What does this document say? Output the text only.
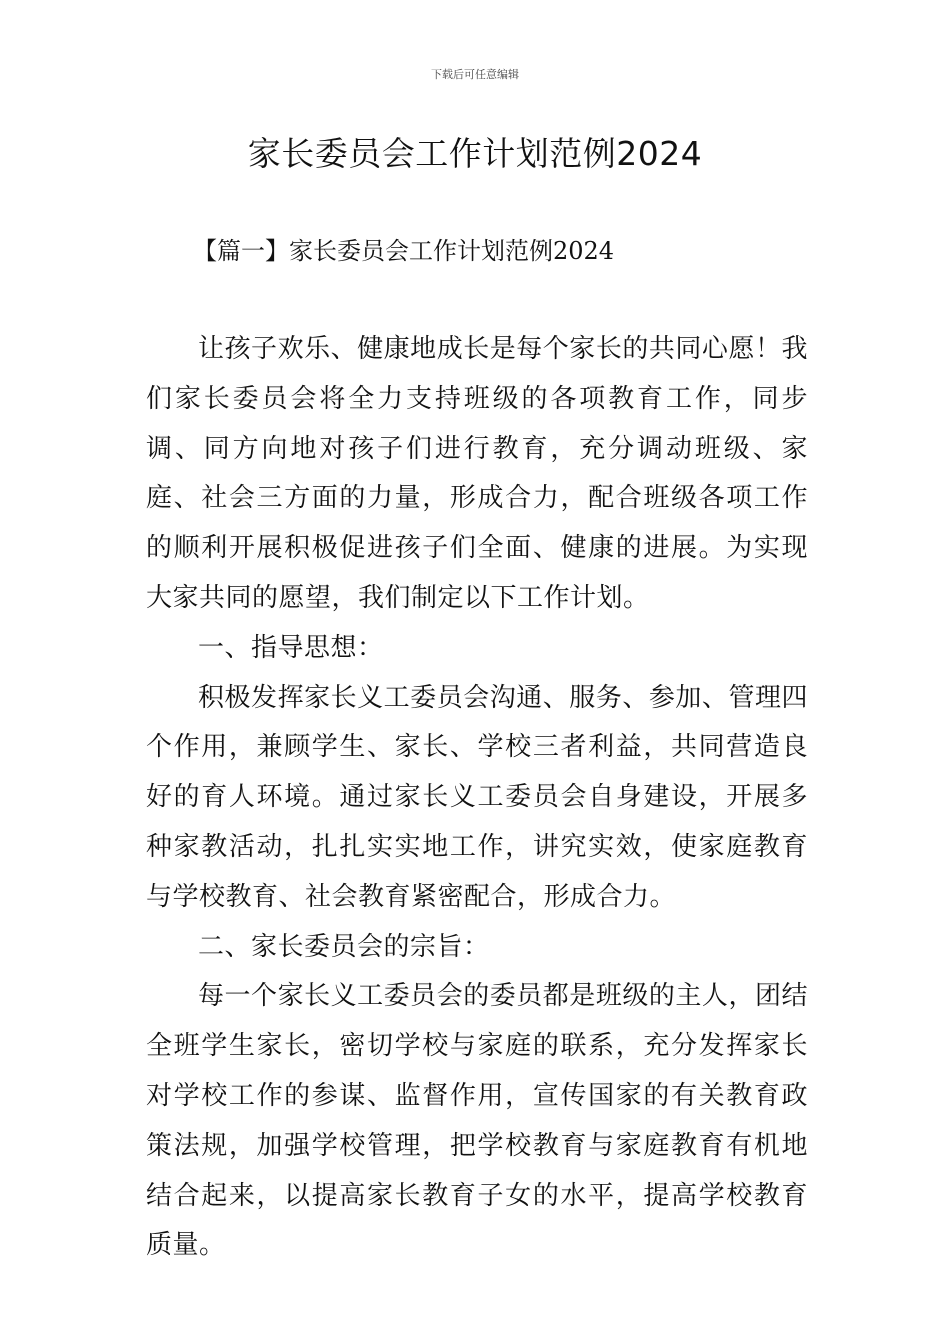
下载后可任意编辑
家长委员会工作计划范例2024
【篇一】家长委员会工作计划范例2024

让孩子欢乐、健康地成长是每个家长的共同心愿！我们家长委员会将全力支持班级的各项教育工作，同步调、同方向地对孩子们进行教育，充分调动班级、家庭、社会三方面的力量，形成合力，配合班级各项工作的顺利开展积极促进孩子们全面、健康的进展。为实现大家共同的愿望，我们制定以下工作计划。

一、指导思想：

积极发挥家长义工委员会沟通、服务、参加、管理四个作用，兼顾学生、家长、学校三者利益，共同营造良好的育人环境。通过家长义工委员会自身建设，开展多种家教活动，扎扎实实地工作，讲究实效，使家庭教育与学校教育、社会教育紧密配合，形成合力。

二、家长委员会的宗旨：

每一个家长义工委员会的委员都是班级的主人，团结全班学生家长，密切学校与家庭的联系，充分发挥家长对学校工作的参谋、监督作用，宣传国家的有关教育政策法规，加强学校管理，把学校教育与家庭教育有机地结合起来，以提高家长教育子女的水平，提高学校教育质量。
